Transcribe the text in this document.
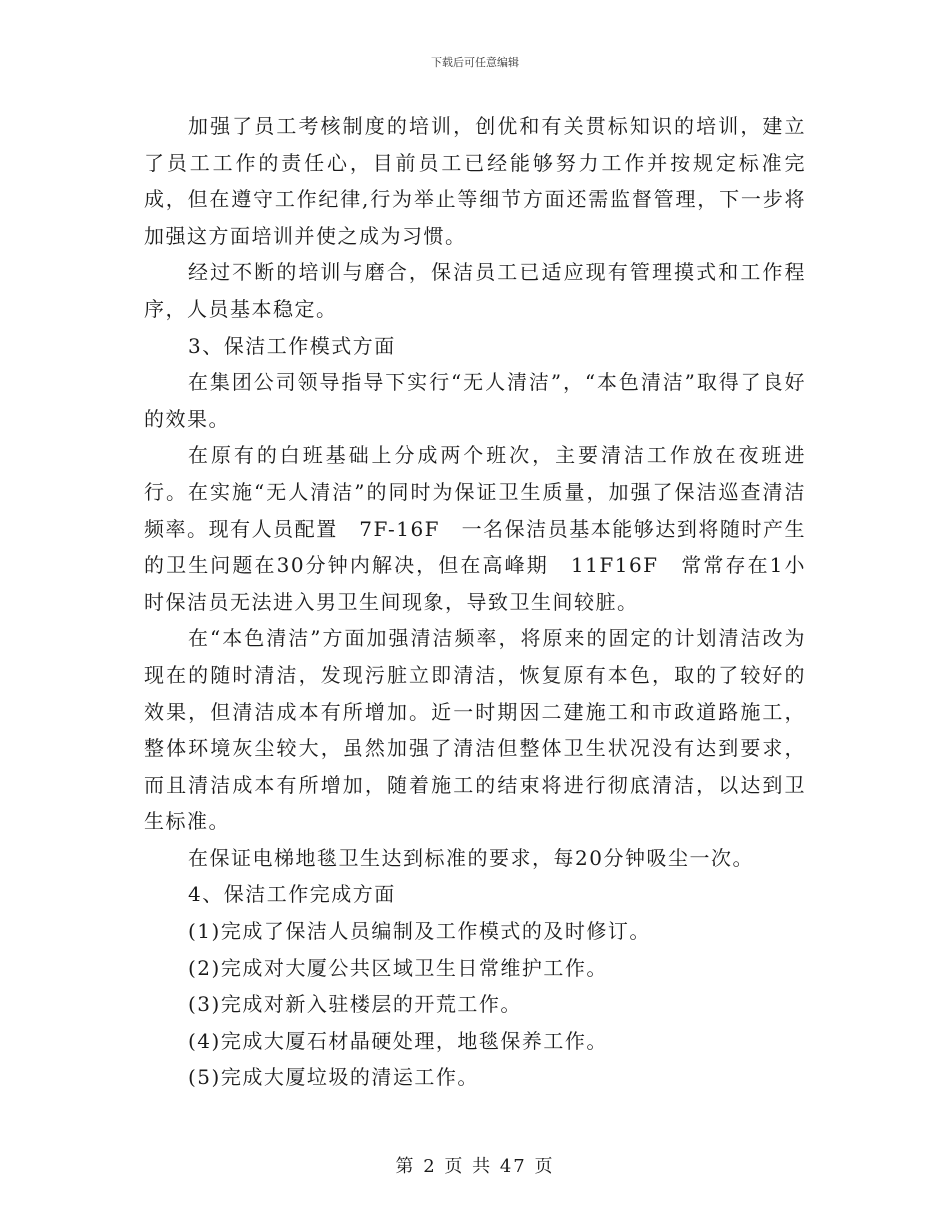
下载后可任意编辑

加强了员工考核制度的培训，创优和有关贯标知识的培训，建立了员工工作的责任心，目前员工已经能够努力工作并按规定标准完成，但在遵守工作纪律,行为举止等细节方面还需监督管理，下一步将加强这方面培训并使之成为习惯。

经过不断的培训与磨合，保洁员工已适应现有管理摸式和工作程序，人员基本稳定。

3、保洁工作模式方面

在集团公司领导指导下实行“无人清洁”，“本色清洁”取得了良好的效果。

在原有的白班基础上分成两个班次，主要清洁工作放在夜班进行。在实施“无人清洁”的同时为保证卫生质量，加强了保洁巡查清洁频率。现有人员配置　7F-16F　一名保洁员基本能够达到将随时产生的卫生问题在30分钟内解决，但在高峰期　11F16F　常常存在1小时保洁员无法进入男卫生间现象，导致卫生间较脏。

在“本色清洁”方面加强清洁频率，将原来的固定的计划清洁改为现在的随时清洁，发现污脏立即清洁，恢复原有本色，取的了较好的效果，但清洁成本有所增加。近一时期因二建施工和市政道路施工，整体环境灰尘较大，虽然加强了清洁但整体卫生状况没有达到要求，而且清洁成本有所增加，随着施工的结束将进行彻底清洁，以达到卫生标准。

在保证电梯地毯卫生达到标准的要求，每20分钟吸尘一次。

4、保洁工作完成方面

(1)完成了保洁人员编制及工作模式的及时修订。

(2)完成对大厦公共区域卫生日常维护工作。

(3)完成对新入驻楼层的开荒工作。

(4)完成大厦石材晶硬处理，地毯保养工作。

(5)完成大厦垃圾的清运工作。

第 2 页 共 47 页
